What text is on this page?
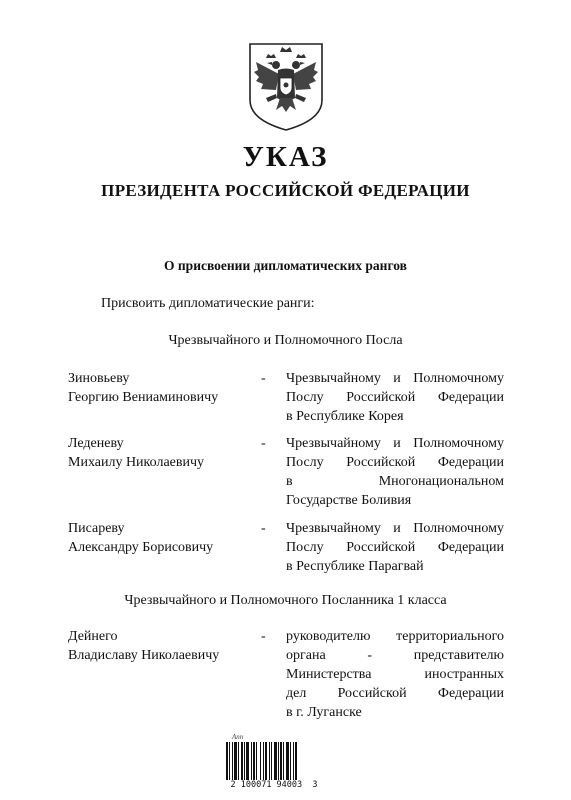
УКАЗ
ПРЕЗИДЕНТА РОССИЙСКОЙ ФЕДЕРАЦИИ
О присвоении дипломатических рангов
Присвоить дипломатические ранги:
Чрезвычайного и Полномочного Посла
Зиновьеву
Георгию Вениаминовичу
- Чрезвычайному и Полномочному
Послу Российской Федерации
в Республике Корея
Леденеву
Михаилу Николаевичу
- Чрезвычайному и Полномочному
Послу Российской Федерации
в Многонациональном
Государстве Боливия
Писареву
Александру Борисовичу
- Чрезвычайному и Полномочному
Послу Российской Федерации
в Республике Парагвай
Чрезвычайного и Полномочного Посланника 1 класса
Дейнего
Владиславу Николаевичу
- руководителю территориального
органа - представителю
Министерства иностранных
дел Российской Федерации
в г. Луганске
Ann
2 100071 94003  3
